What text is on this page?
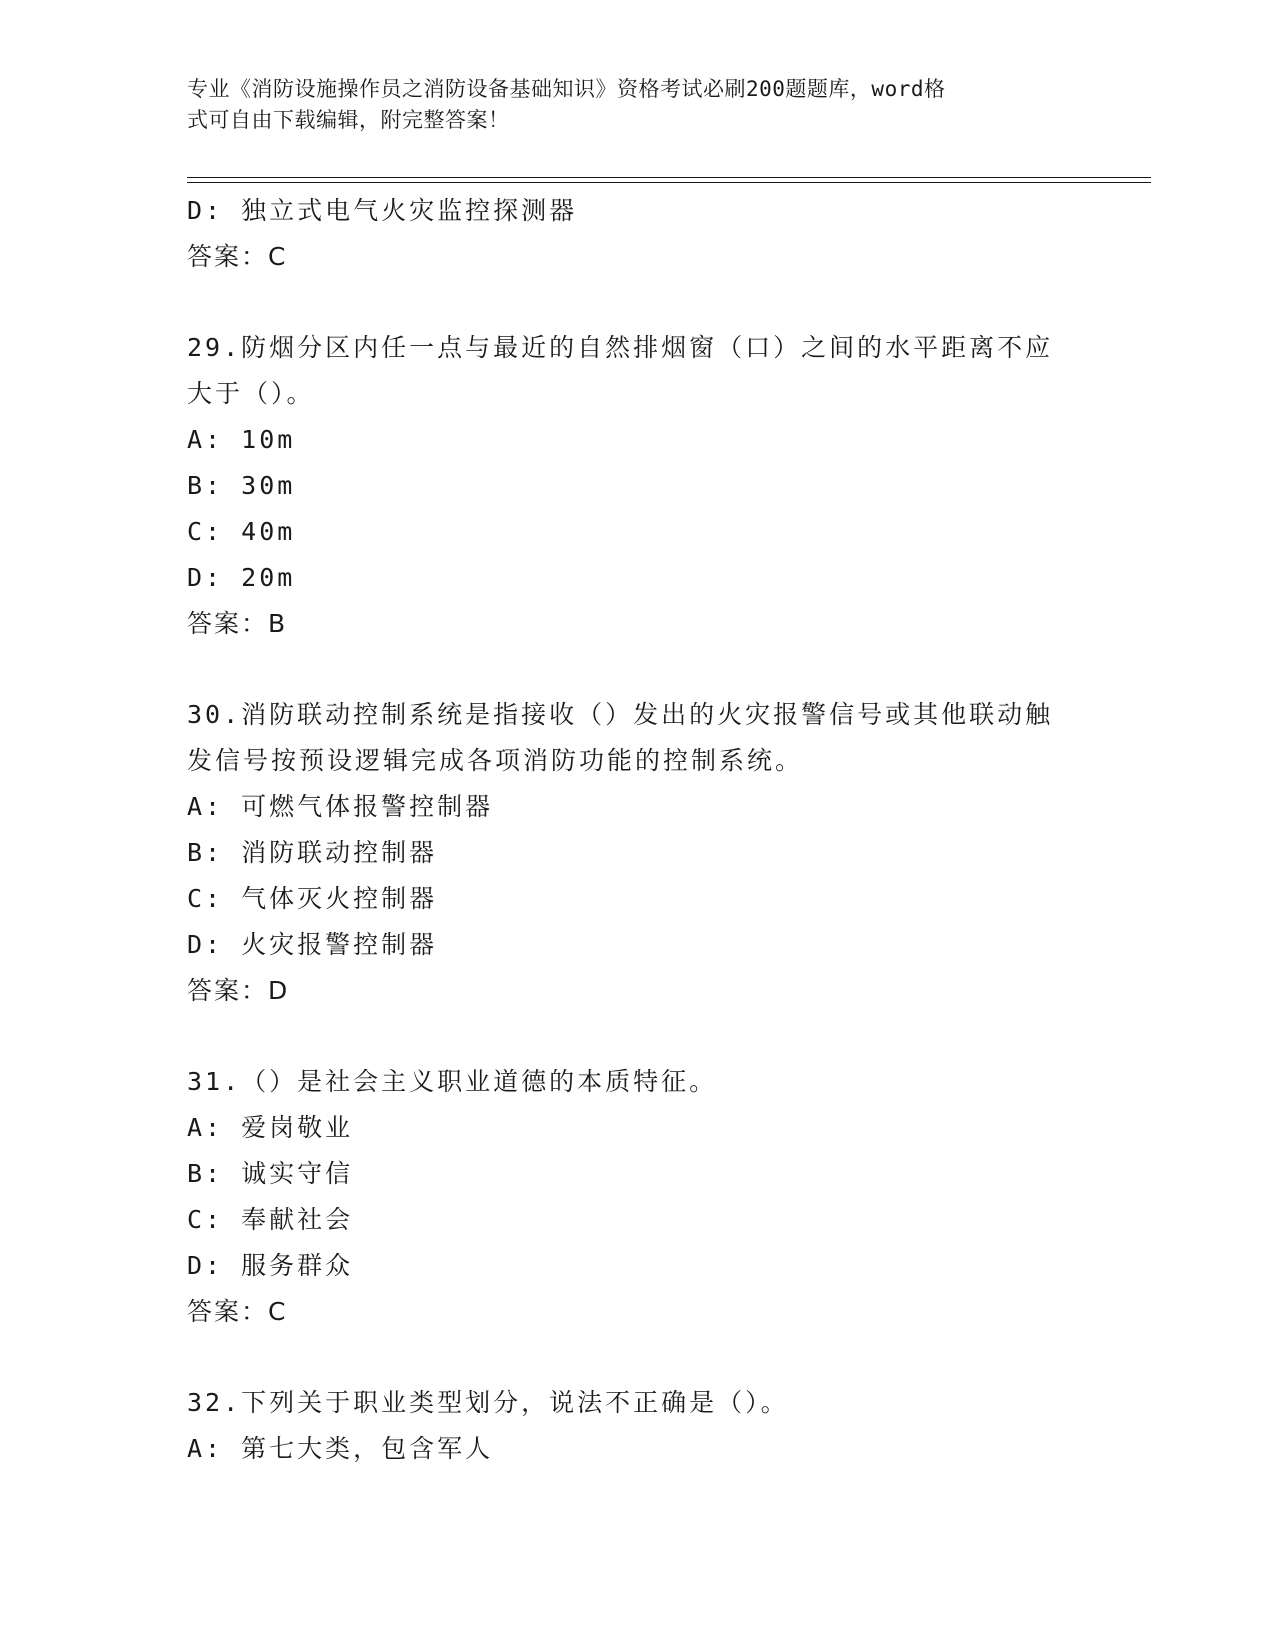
专业《消防设施操作员之消防设备基础知识》资格考试必刷200题题库，word格
式可自由下载编辑，附完整答案！
D: 独立式电气火灾监控探测器
答案：C
29.防烟分区内任一点与最近的自然排烟窗（口）之间的水平距离不应
大于（）。
A: 10m
B: 30m
C: 40m
D: 20m
答案：B
30.消防联动控制系统是指接收（）发出的火灾报警信号或其他联动触
发信号按预设逻辑完成各项消防功能的控制系统。
A: 可燃气体报警控制器
B: 消防联动控制器
C: 气体灭火控制器
D: 火灾报警控制器
答案：D
31.（）是社会主义职业道德的本质特征。
A: 爱岗敬业
B: 诚实守信
C: 奉献社会
D: 服务群众
答案：C
32.下列关于职业类型划分，说法不正确是（）。
A: 第七大类，包含军人
